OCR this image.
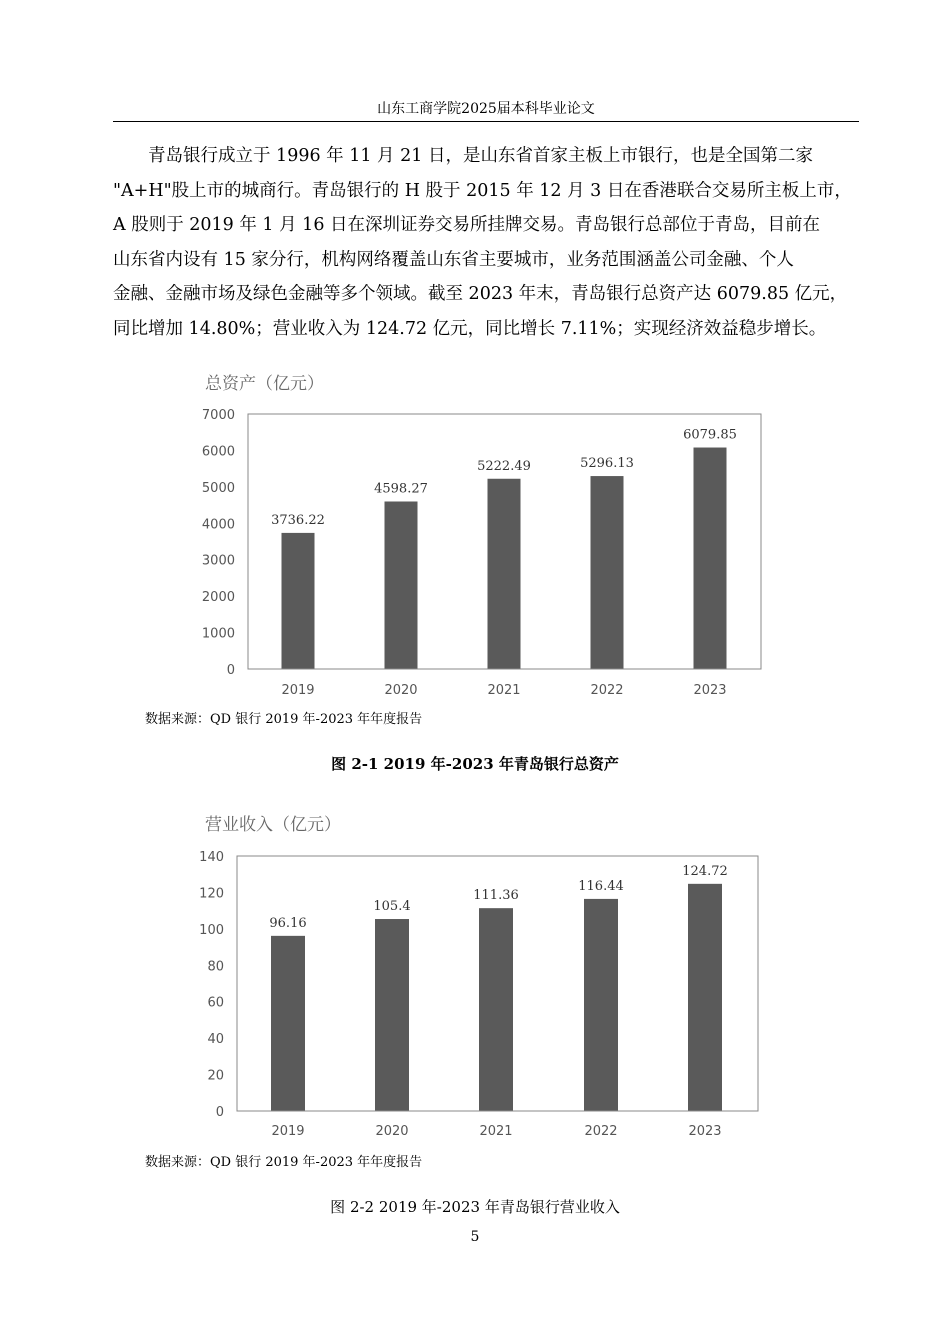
山东工商学院2025届本科毕业论文
青岛银行成立于 1996 年 11 月 21 日，是山东省首家主板上市银行，也是全国第二家
"A+H"股上市的城商行。青岛银行的 H 股于 2015 年 12 月 3 日在香港联合交易所主板上市，
A 股则于 2019 年 1 月 16 日在深圳证券交易所挂牌交易。青岛银行总部位于青岛，目前在
山东省内设有 15 家分行，机构网络覆盖山东省主要城市，业务范围涵盖公司金融、个人
金融、金融市场及绿色金融等多个领域。截至 2023 年末，青岛银行总资产达 6079.85 亿元，
同比增加 14.80%；营业收入为 124.72 亿元，同比增长 7.11%；实现经济效益稳步增长。
总资产（亿元）
0
1000
2000
3000
4000
5000
6000
7000
3736.22
4598.27
5222.49	5296.13
6079.85
2019	2020	2021	2022	2023
数据来源：QD 银行 2019 年-2023 年年度报告
图 2-1 2019 年-2023 年青岛银行总资产
营业收入（亿元）
0
20
40
60
80
100
120
140
96.16
105.4
111.36
116.44
124.72
2019	2020	2021	2022	2023
数据来源：QD 银行 2019 年-2023 年年度报告
图 2-2 2019 年-2023 年青岛银行营业收入
5
